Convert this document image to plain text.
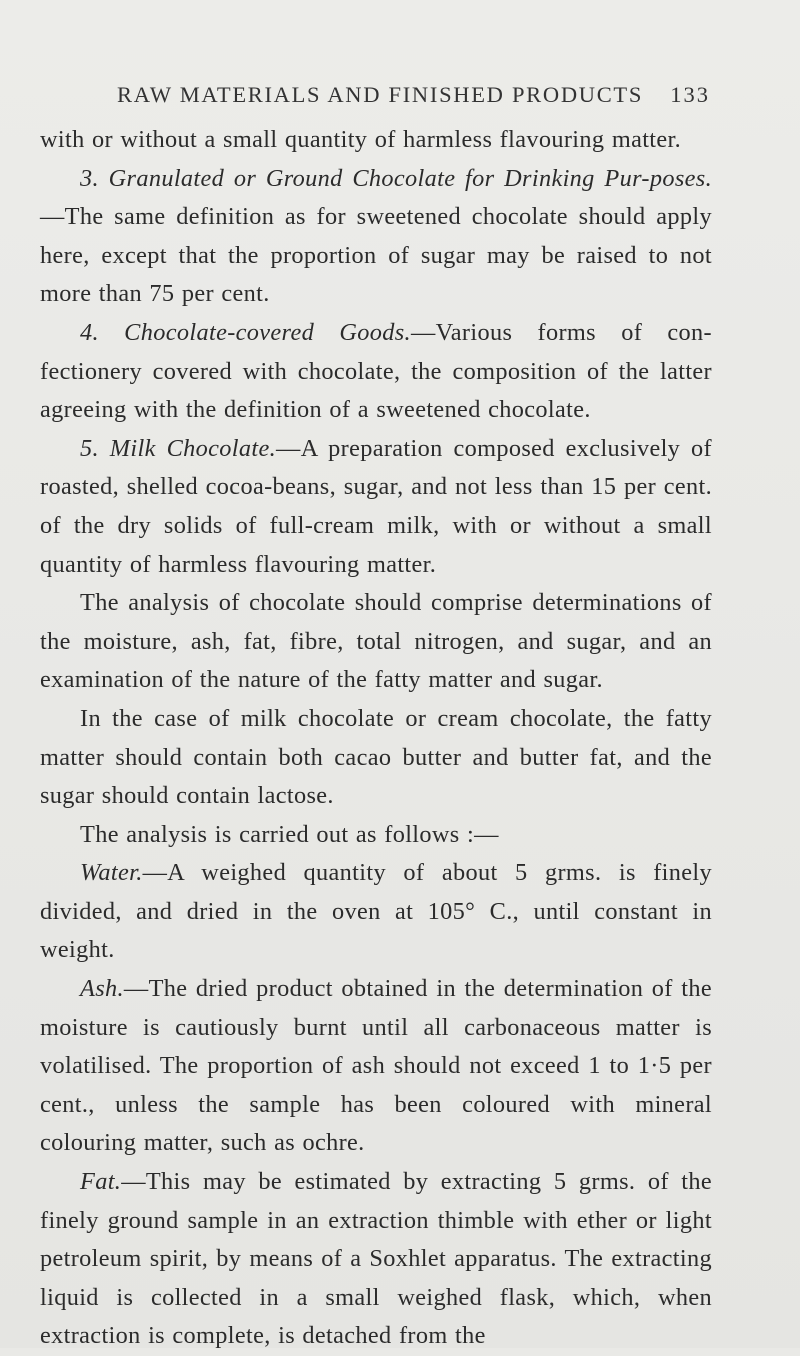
RAW MATERIALS AND FINISHED PRODUCTS 133

with or without a small quantity of harmless flavouring matter.

3. Granulated or Ground Chocolate for Drinking Pur-poses.—The same definition as for sweetened chocolate should apply here, except that the proportion of sugar may be raised to not more than 75 per cent.

4. Chocolate-covered Goods.—Various forms of con-fectionery covered with chocolate, the composition of the latter agreeing with the definition of a sweetened chocolate.

5. Milk Chocolate.—A preparation composed exclusively of roasted, shelled cocoa-beans, sugar, and not less than 15 per cent. of the dry solids of full-cream milk, with or without a small quantity of harmless flavouring matter.

The analysis of chocolate should comprise determinations of the moisture, ash, fat, fibre, total nitrogen, and sugar, and an examination of the nature of the fatty matter and sugar.

In the case of milk chocolate or cream chocolate, the fatty matter should contain both cacao butter and butter fat, and the sugar should contain lactose.

The analysis is carried out as follows :—

Water.—A weighed quantity of about 5 grms. is finely divided, and dried in the oven at 105° C., until constant in weight.

Ash.—The dried product obtained in the determination of the moisture is cautiously burnt until all carbonaceous matter is volatilised. The proportion of ash should not exceed 1 to 1·5 per cent., unless the sample has been coloured with mineral colouring matter, such as ochre.

Fat.—This may be estimated by extracting 5 grms. of the finely ground sample in an extraction thimble with ether or light petroleum spirit, by means of a Soxhlet apparatus. The extracting liquid is collected in a small weighed flask, which, when extraction is complete, is detached from the
